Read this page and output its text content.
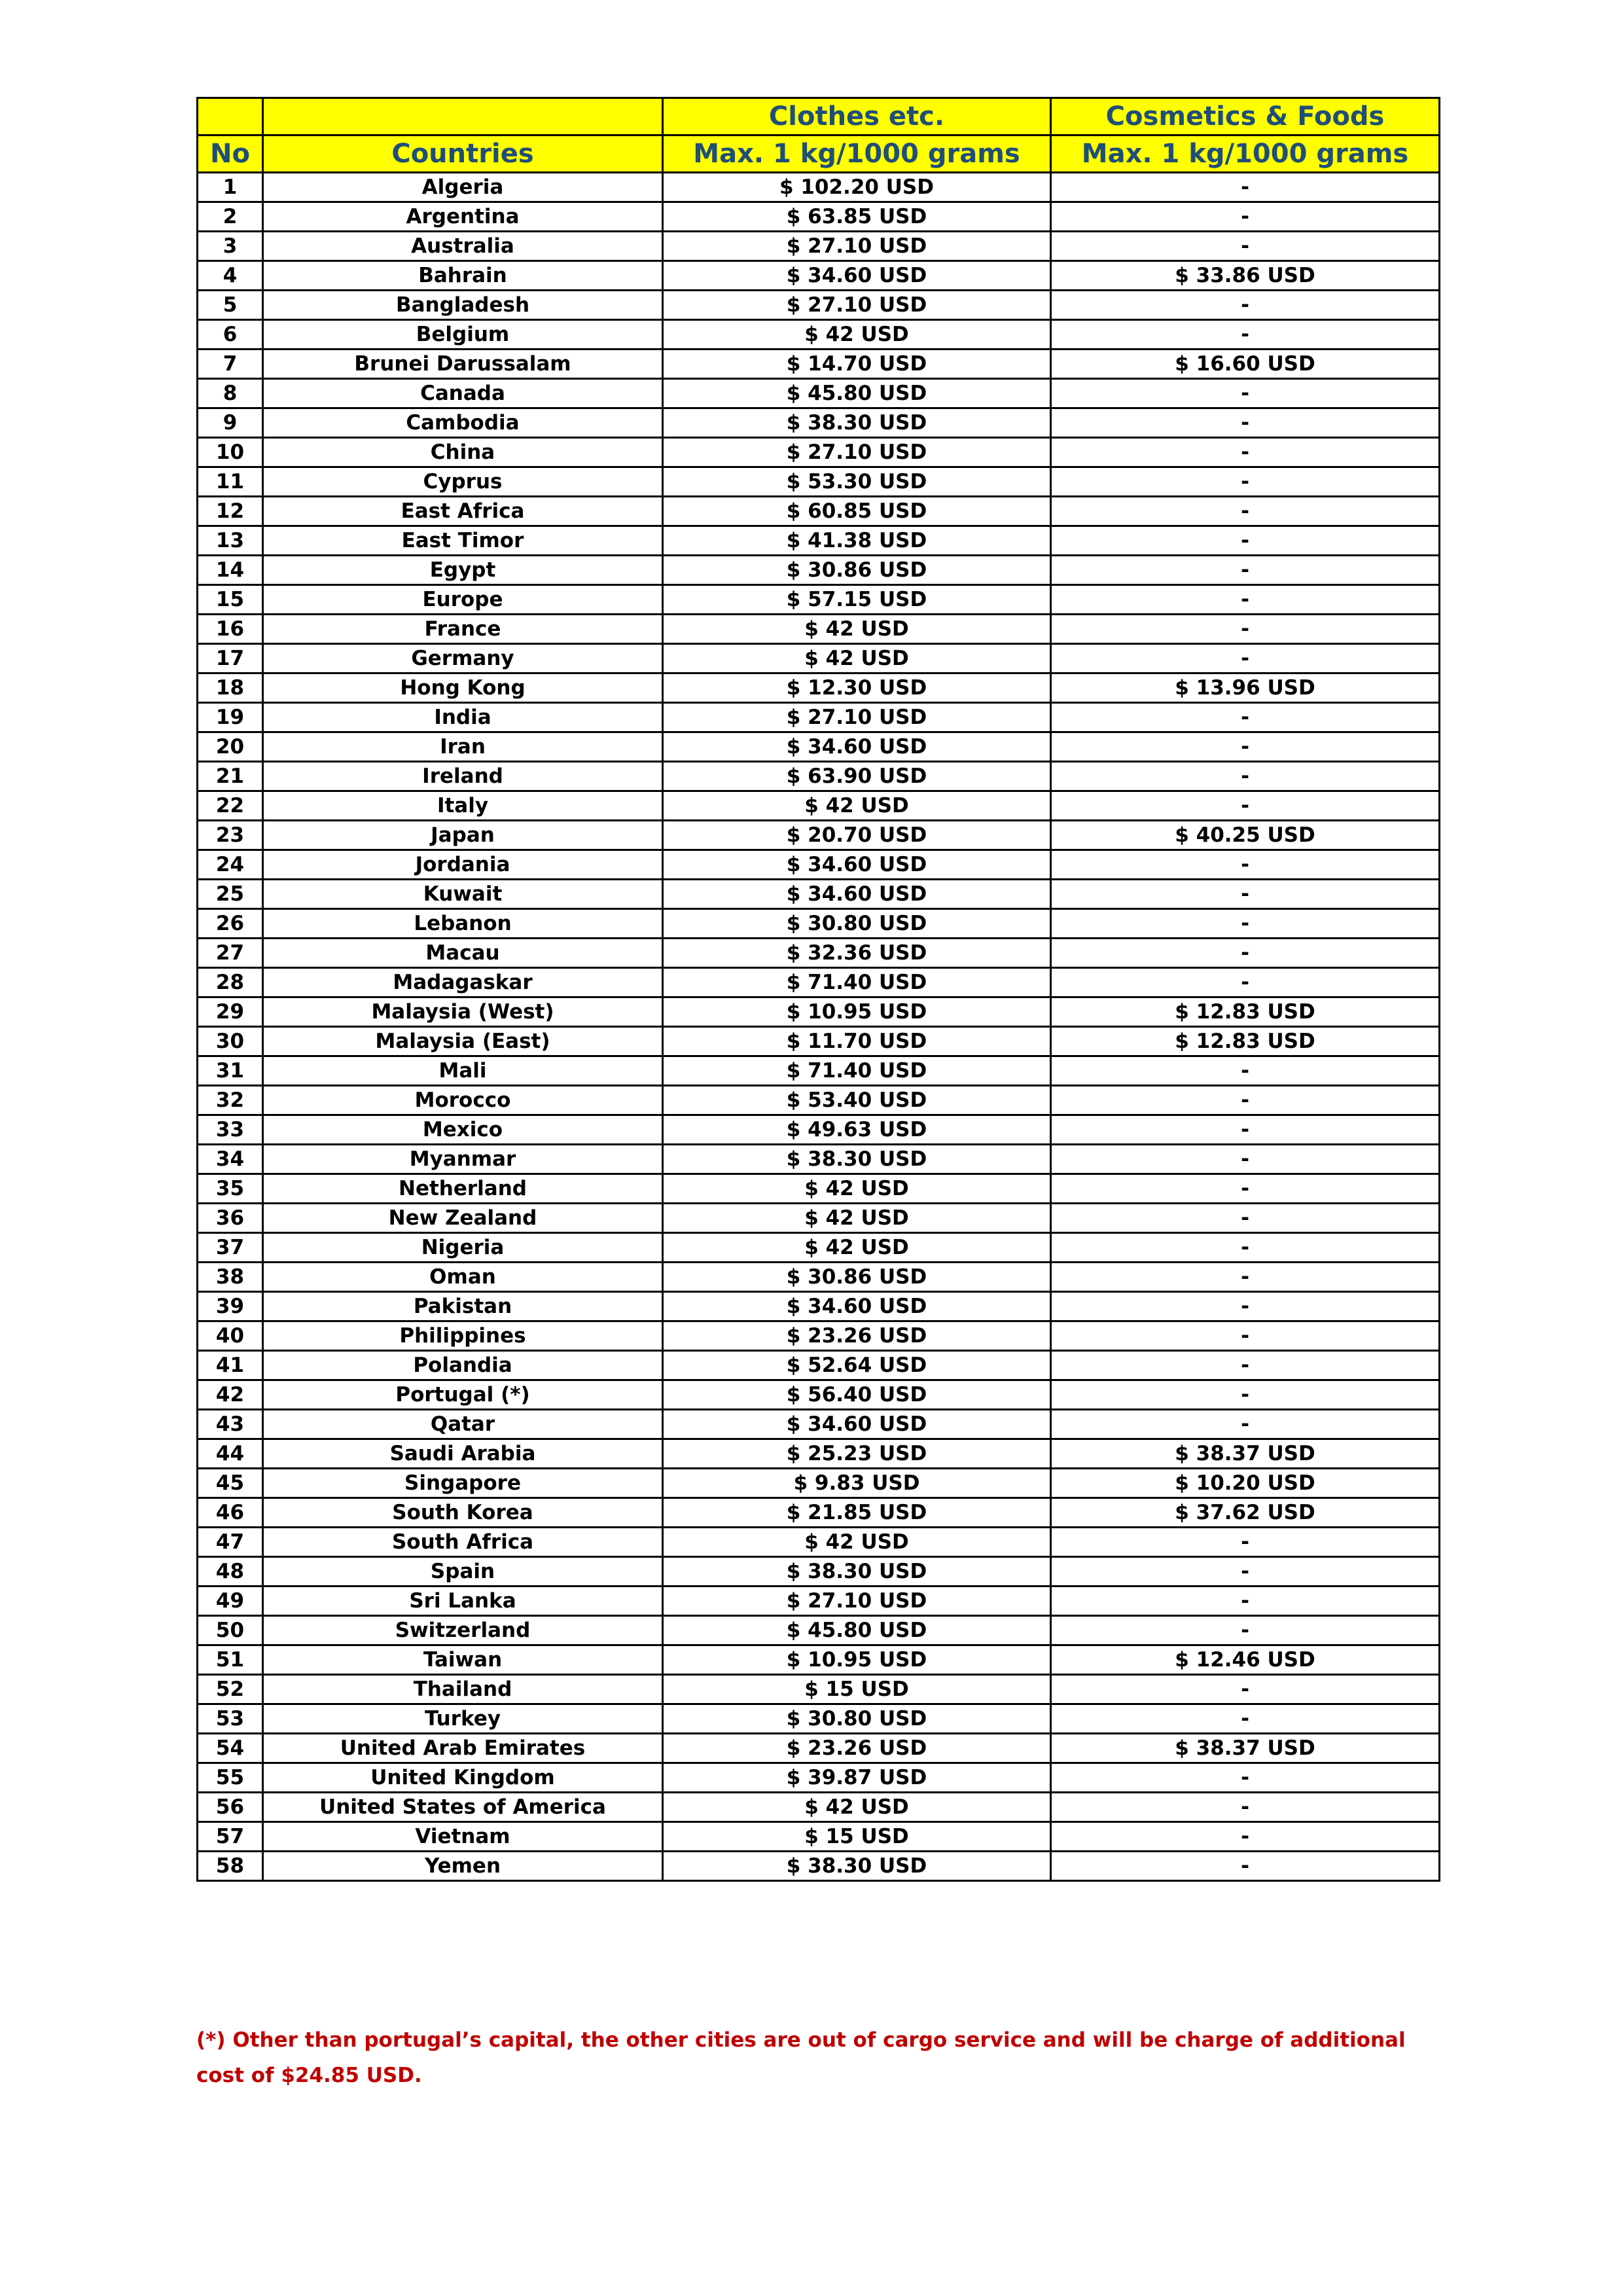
		Clothes etc.	Cosmetics & Foods
No	Countries	Max. 1 kg/1000 grams	Max. 1 kg/1000 grams
1	Algeria	$ 102.20 USD	-
2	Argentina	$ 63.85 USD	-
3	Australia	$ 27.10 USD	-
4	Bahrain	$ 34.60 USD	$ 33.86 USD
5	Bangladesh	$ 27.10 USD	-
6	Belgium	$ 42 USD	-
7	Brunei Darussalam	$ 14.70 USD	$ 16.60 USD
8	Canada	$ 45.80 USD	-
9	Cambodia	$ 38.30 USD	-
10	China	$ 27.10 USD	-
11	Cyprus	$ 53.30 USD	-
12	East Africa	$ 60.85 USD	-
13	East Timor	$ 41.38 USD	-
14	Egypt	$ 30.86 USD	-
15	Europe	$ 57.15 USD	-
16	France	$ 42 USD	-
17	Germany	$ 42 USD	-
18	Hong Kong	$ 12.30 USD	$ 13.96 USD
19	India	$ 27.10 USD	-
20	Iran	$ 34.60 USD	-
21	Ireland	$ 63.90 USD	-
22	Italy	$ 42 USD	-
23	Japan	$ 20.70 USD	$ 40.25 USD
24	Jordania	$ 34.60 USD	-
25	Kuwait	$ 34.60 USD	-
26	Lebanon	$ 30.80 USD	-
27	Macau	$ 32.36 USD	-
28	Madagaskar	$ 71.40 USD	-
29	Malaysia (West)	$ 10.95 USD	$ 12.83 USD
30	Malaysia (East)	$ 11.70 USD	$ 12.83 USD
31	Mali	$ 71.40 USD	-
32	Morocco	$ 53.40 USD	-
33	Mexico	$ 49.63 USD	-
34	Myanmar	$ 38.30 USD	-
35	Netherland	$ 42 USD	-
36	New Zealand	$ 42 USD	-
37	Nigeria	$ 42 USD	-
38	Oman	$ 30.86 USD	-
39	Pakistan	$ 34.60 USD	-
40	Philippines	$ 23.26 USD	-
41	Polandia	$ 52.64 USD	-
42	Portugal (*)	$ 56.40 USD	-
43	Qatar	$ 34.60 USD	-
44	Saudi Arabia	$ 25.23 USD	$ 38.37 USD
45	Singapore	$ 9.83 USD	$ 10.20 USD
46	South Korea	$ 21.85 USD	$ 37.62 USD
47	South Africa	$ 42 USD	-
48	Spain	$ 38.30 USD	-
49	Sri Lanka	$ 27.10 USD	-
50	Switzerland	$ 45.80 USD	-
51	Taiwan	$ 10.95 USD	$ 12.46 USD
52	Thailand	$ 15 USD	-
53	Turkey	$ 30.80 USD	-
54	United Arab Emirates	$ 23.26 USD	$ 38.37 USD
55	United Kingdom	$ 39.87 USD	-
56	United States of America	$ 42 USD	-
57	Vietnam	$ 15 USD	-
58	Yemen	$ 38.30 USD	-
(*) Other than portugal’s capital, the other cities are out of cargo service and will be charge of additional cost of $24.85 USD.
